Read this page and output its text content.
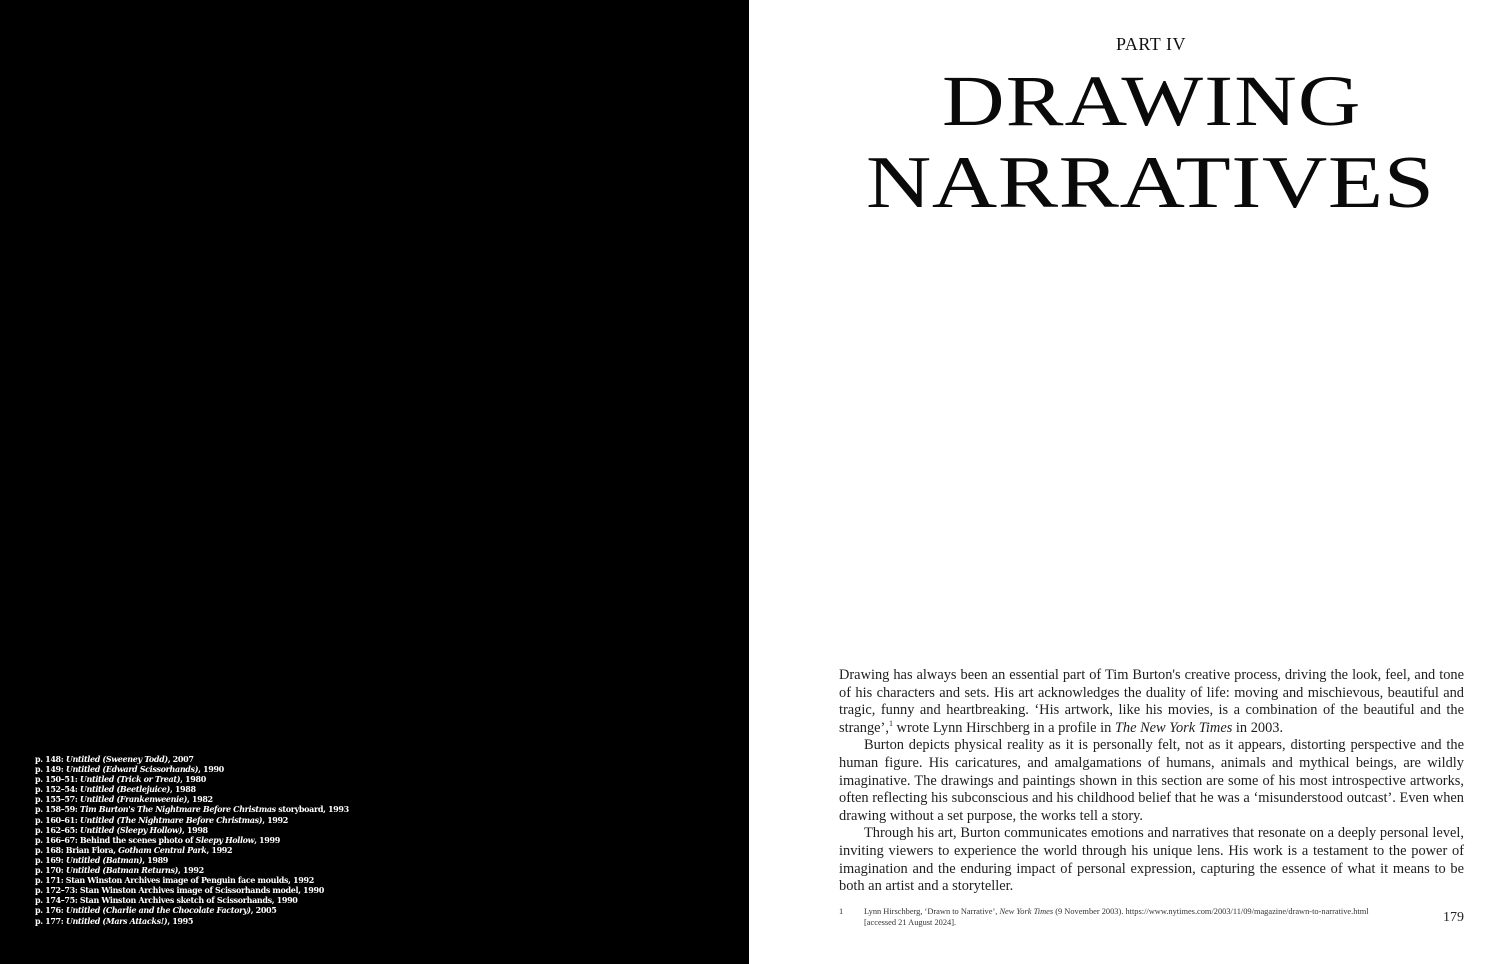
p. 148: Untitled (Sweeney Todd), 2007
p. 149: Untitled (Edward Scissorhands), 1990
p. 150–51: Untitled (Trick or Treat), 1980
p. 152–54: Untitled (Beetlejuice), 1988
p. 155–57: Untitled (Frankenweenie), 1982
p. 158–59: Tim Burton's The Nightmare Before Christmas storyboard, 1993
p. 160–61: Untitled (The Nightmare Before Christmas), 1992
p. 162–65: Untitled (Sleepy Hollow), 1998
p. 166–67: Behind the scenes photo of Sleepy Hollow, 1999
p. 168: Brian Flora, Gotham Central Park, 1992
p. 169: Untitled (Batman), 1989
p. 170: Untitled (Batman Returns), 1992
p. 171: Stan Winston Archives image of Penguin face moulds, 1992
p. 172–73: Stan Winston Archives image of Scissorhands model, 1990
p. 174–75: Stan Winston Archives sketch of Scissorhands, 1990
p. 176: Untitled (Charlie and the Chocolate Factory), 2005
p. 177: Untitled (Mars Attacks!), 1995
PART IV
DRAWING
NARRATIVES

Drawing has always been an essential part of Tim Burton's creative process, driving the look, feel, and tone of his characters and sets. His art acknowledges the duality of life: moving and mischievous, beautiful and tragic, funny and heartbreaking. ‘His artwork, like his movies, is a combination of the beautiful and the strange’,$^1$ wrote Lynn Hirschberg in a profile in The New York Times in 2003.

Burton depicts physical reality as it is personally felt, not as it appears, distorting perspective and the human figure. His caricatures, and amalgamations of humans, animals and mythical beings, are wildly imaginative. The drawings and paintings shown in this section are some of his most introspective artworks, often reflecting his subconscious and his childhood belief that he was a ‘misunderstood outcast’. Even when drawing without a set purpose, the works tell a story.

Through his art, Burton communicates emotions and narratives that resonate on a deeply personal level, inviting viewers to experience the world through his unique lens. His work is a testament to the power of imagination and the enduring impact of personal expression, capturing the essence of what it means to be both an artist and a storyteller.

1 Lynn Hirschberg, ‘Drawn to Narrative’, New York Times (9 November 2003). https://www.nytimes.com/2003/11/09/magazine/drawn-to-narrative.html [accessed 21 August 2024].	179
